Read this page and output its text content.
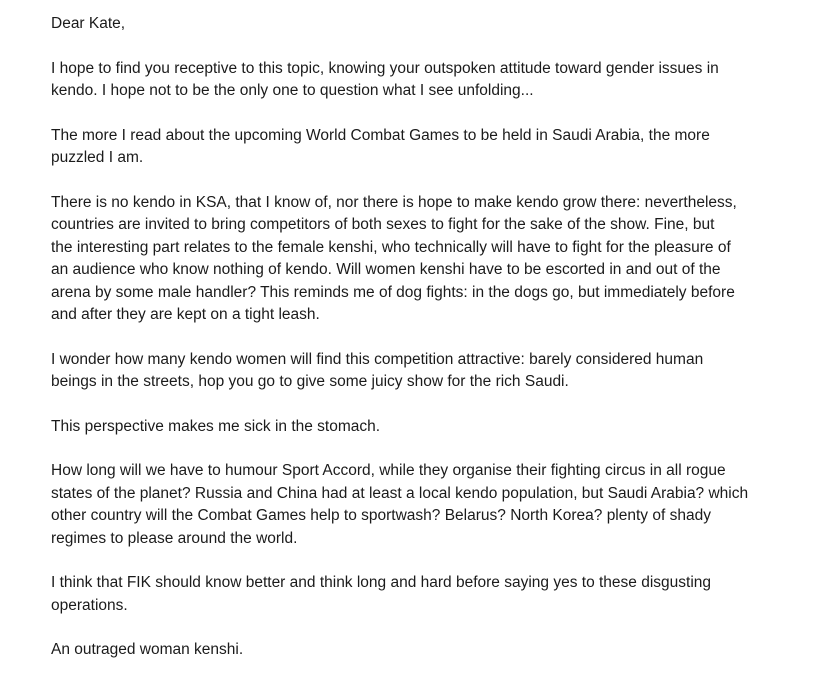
Dear Kate,

I hope to find you receptive to this topic, knowing your outspoken attitude toward gender issues in
kendo. I hope not to be the only one to question what I see unfolding...

The more I read about the upcoming World Combat Games to be held in Saudi Arabia, the more
puzzled I am.

There is no kendo in KSA, that I know of, nor there is hope to make kendo grow there: nevertheless,
countries are invited to bring competitors of both sexes to fight for the sake of the show. Fine, but
the interesting part relates to the female kenshi, who technically will have to fight for the pleasure of
an audience who know nothing of kendo. Will women kenshi have to be escorted in and out of the
arena by some male handler? This reminds me of dog fights: in the dogs go, but immediately before
and after they are kept on a tight leash.

I wonder how many kendo women will find this competition attractive: barely considered human
beings in the streets, hop you go to give some juicy show for the rich Saudi.

This perspective makes me sick in the stomach.

How long will we have to humour Sport Accord, while they organise their fighting circus in all rogue
states of the planet? Russia and China had at least a local kendo population, but Saudi Arabia? which
other country will the Combat Games help to sportwash? Belarus? North Korea? plenty of shady
regimes to please around the world.

I think that FIK should know better and think long and hard before saying yes to these disgusting
operations.

An outraged woman kenshi.
